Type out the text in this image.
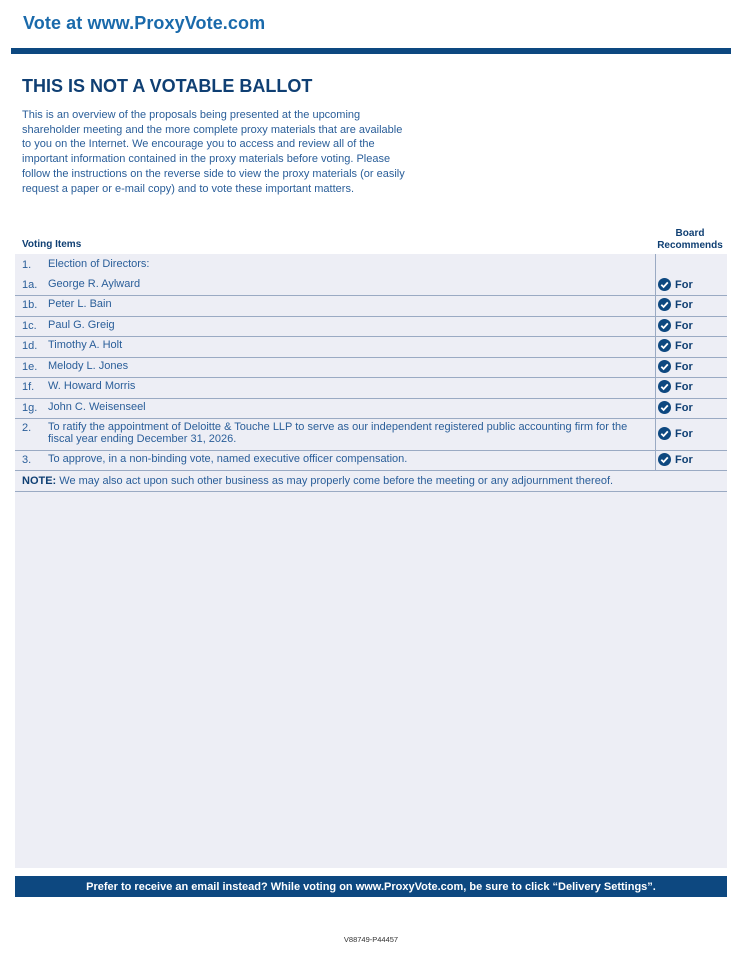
Vote at www.ProxyVote.com
THIS IS NOT A VOTABLE BALLOT
This is an overview of the proposals being presented at the upcoming shareholder meeting and the more complete proxy materials that are available to you on the Internet. We encourage you to access and review all of the important information contained in the proxy materials before voting. Please follow the instructions on the reverse side to view the proxy materials (or easily request a paper or e-mail copy) and to vote these important matters.
Voting Items
Board
Recommends
1. Election of Directors:
1a. George R. Aylward	For
1b. Peter L. Bain	For
1c. Paul G. Greig	For
1d. Timothy A. Holt	For
1e. Melody L. Jones	For
1f. W. Howard Morris	For
1g. John C. Weisenseel	For
2. To ratify the appointment of Deloitte & Touche LLP to serve as our independent registered public accounting firm for the fiscal year ending December 31, 2026.	For
3. To approve, in a non-binding vote, named executive officer compensation.	For
NOTE: We may also act upon such other business as may properly come before the meeting or any adjournment thereof.
Prefer to receive an email instead? While voting on www.ProxyVote.com, be sure to click “Delivery Settings”.
V88749-P44457
